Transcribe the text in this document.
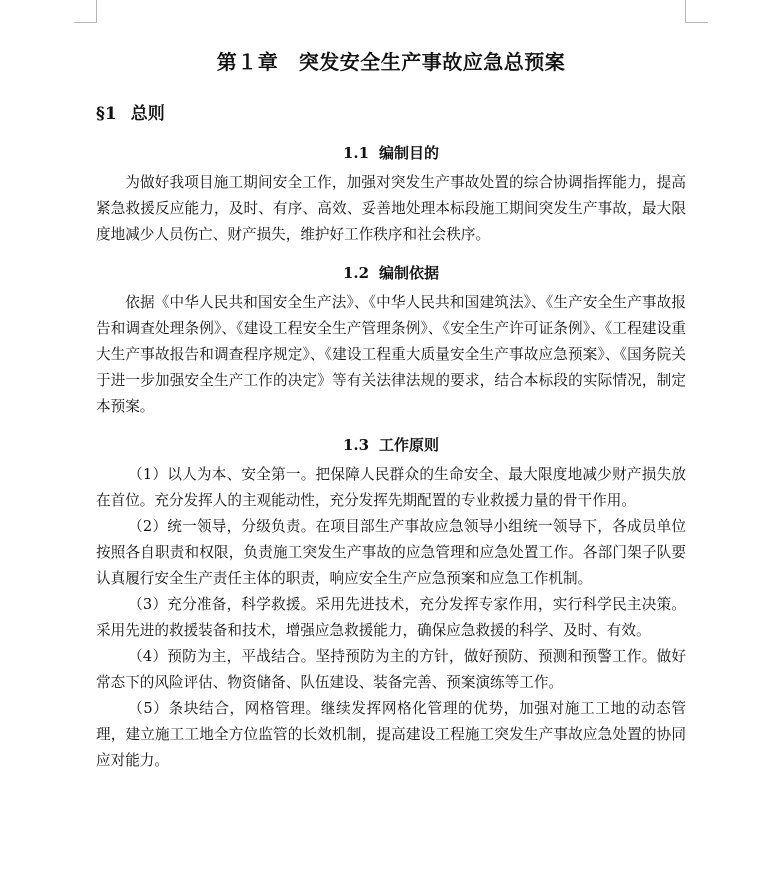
第１章　突发安全生产事故应急总预案
§1 总则
1.1 编制目的

为做好我项目施工期间安全工作，加强对突发生产事故处置的综合协调指挥能力，提高紧急救援反应能力，及时、有序、高效、妥善地处理本标段施工期间突发生产事故，最大限度地减少人员伤亡、财产损失，维护好工作秩序和社会秩序。

1.2 编制依据

依据《中华人民共和国安全生产法》、《中华人民共和国建筑法》、《生产安全生产事故报告和调查处理条例》、《建设工程安全生产管理条例》、《安全生产许可证条例》、《工程建设重大生产事故报告和调查程序规定》、《建设工程重大质量安全生产事故应急预案》、《国务院关于进一步加强安全生产工作的决定》等有关法律法规的要求，结合本标段的实际情况，制定本预案。

1.3 工作原则

（1）以人为本、安全第一。把保障人民群众的生命安全、最大限度地减少财产损失放在首位。充分发挥人的主观能动性，充分发挥先期配置的专业救援力量的骨干作用。

（2）统一领导，分级负责。在项目部生产事故应急领导小组统一领导下，各成员单位按照各自职责和权限，负责施工突发生产事故的应急管理和应急处置工作。各部门架子队要认真履行安全生产责任主体的职责，响应安全生产应急预案和应急工作机制。

（3）充分准备，科学救援。采用先进技术，充分发挥专家作用，实行科学民主决策。采用先进的救援装备和技术，增强应急救援能力，确保应急救援的科学、及时、有效。

（4）预防为主，平战结合。坚持预防为主的方针，做好预防、预测和预警工作。做好常态下的风险评估、物资储备、队伍建设、装备完善、预案演练等工作。

（5）条块结合，网格管理。继续发挥网格化管理的优势，加强对施工工地的动态管理，建立施工工地全方位监管的长效机制，提高建设工程施工突发生产事故应急处置的协同应对能力。
